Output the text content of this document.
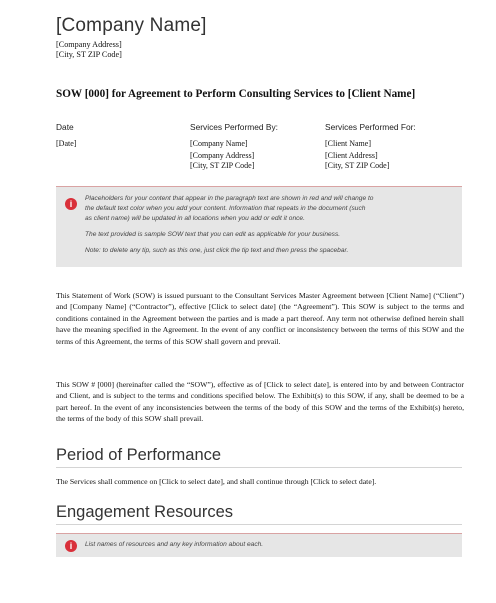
[Company Name]
[Company Address]
[City, ST ZIP Code]
SOW [000] for Agreement to Perform Consulting Services to [Client Name]
Date
[Date]
Services Performed By:
[Company Name]
[Company Address]
[City, ST ZIP Code]
Services Performed For:
[Client Name]
[Client Address]
[City, ST ZIP Code]
i
Placeholders for your content that appear in the paragraph text are shown in red and will change to
the default text color when you add your content. Information that repeats in the document (such
as client name) will be updated in all locations when you add or edit it once.
The text provided is sample SOW text that you can edit as applicable for your business.
Note: to delete any tip, such as this one, just click the tip text and then press the spacebar.
This Statement of Work (SOW) is issued pursuant to the Consultant Services Master Agreement between [Client Name] (“Client”) and [Company Name] (“Contractor”), effective [Click to select date] (the “Agreement”). This SOW is subject to the terms and conditions contained in the Agreement between the parties and is made a part thereof. Any term not otherwise defined herein shall have the meaning specified in the Agreement. In the event of any conflict or inconsistency between the terms of this SOW and the terms of this Agreement, the terms of this SOW shall govern and prevail.
This SOW # [000] (hereinafter called the “SOW”), effective as of [Click to select date], is entered into by and between Contractor and Client, and is subject to the terms and conditions specified below. The Exhibit(s) to this SOW, if any, shall be deemed to be a part hereof. In the event of any inconsistencies between the terms of the body of this SOW and the terms of the Exhibit(s) hereto, the terms of the body of this SOW shall prevail.
Period of Performance
The Services shall commence on [Click to select date], and shall continue through [Click to select date].
Engagement Resources
i	List names of resources and any key information about each.
